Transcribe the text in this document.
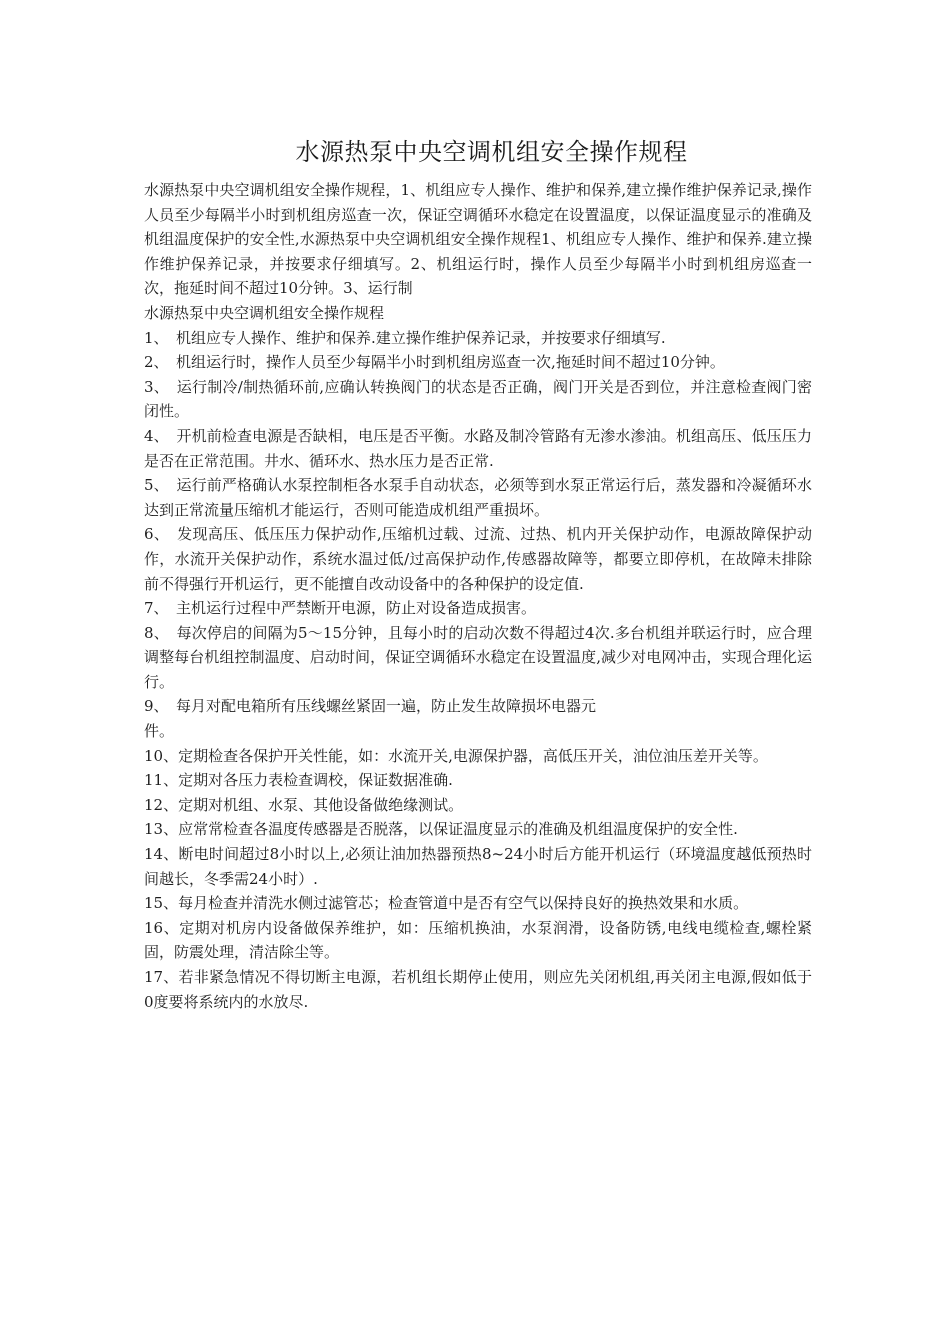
水源热泵中央空调机组安全操作规程

水源热泵中央空调机组安全操作规程，1、机组应专人操作、维护和保养,建立操作维护保养记录,操作人员至少每隔半小时到机组房巡查一次，保证空调循环水稳定在设置温度，以保证温度显示的准确及机组温度保护的安全性,水源热泵中央空调机组安全操作规程1、机组应专人操作、维护和保养.建立操作维护保养记录，并按要求仔细填写。2、机组运行时，操作人员至少每隔半小时到机组房巡查一次，拖延时间不超过10分钟。3、运行制

水源热泵中央空调机组安全操作规程

1、　机组应专人操作、维护和保养.建立操作维护保养记录，并按要求仔细填写.

2、　机组运行时，操作人员至少每隔半小时到机组房巡查一次,拖延时间不超过10分钟。

3、　运行制冷/制热循环前,应确认转换阀门的状态是否正确，阀门开关是否到位，并注意检查阀门密闭性。

4、　开机前检查电源是否缺相，电压是否平衡。水路及制冷管路有无渗水渗油。机组高压、低压压力是否在正常范围。井水、循环水、热水压力是否正常.

5、　运行前严格确认水泵控制柜各水泵手自动状态，必须等到水泵正常运行后，蒸发器和冷凝循环水达到正常流量压缩机才能运行，否则可能造成机组严重损坏。

6、　发现高压、低压压力保护动作,压缩机过载、过流、过热、机内开关保护动作，电源故障保护动作，水流开关保护动作，系统水温过低/过高保护动作,传感器故障等，都要立即停机，在故障未排除前不得强行开机运行，更不能擅自改动设备中的各种保护的设定值.

7、　主机运行过程中严禁断开电源，防止对设备造成损害。

8、　每次停启的间隔为5～15分钟，且每小时的启动次数不得超过4次.多台机组并联运行时，应合理调整每台机组控制温度、启动时间，保证空调循环水稳定在设置温度,减少对电网冲击，实现合理化运行。

9、　每月对配电箱所有压线螺丝紧固一遍，防止发生故障损坏电器元

件。

10、定期检查各保护开关性能，如：水流开关,电源保护器，高低压开关，油位油压差开关等。

11、定期对各压力表检查调校，保证数据准确.

12、定期对机组、水泵、其他设备做绝缘测试。

13、应常常检查各温度传感器是否脱落，以保证温度显示的准确及机组温度保护的安全性.

14、断电时间超过8小时以上,必须让油加热器预热8~24小时后方能开机运行（环境温度越低预热时间越长，冬季需24小时）.

15、每月检查并清洗水侧过滤管芯；检查管道中是否有空气以保持良好的换热效果和水质。

16、定期对机房内设备做保养维护，如：压缩机换油，水泵润滑，设备防锈,电线电缆检查,螺栓紧固，防震处理，清洁除尘等。

17、若非紧急情况不得切断主电源，若机组长期停止使用，则应先关闭机组,再关闭主电源,假如低于0度要将系统内的水放尽.
